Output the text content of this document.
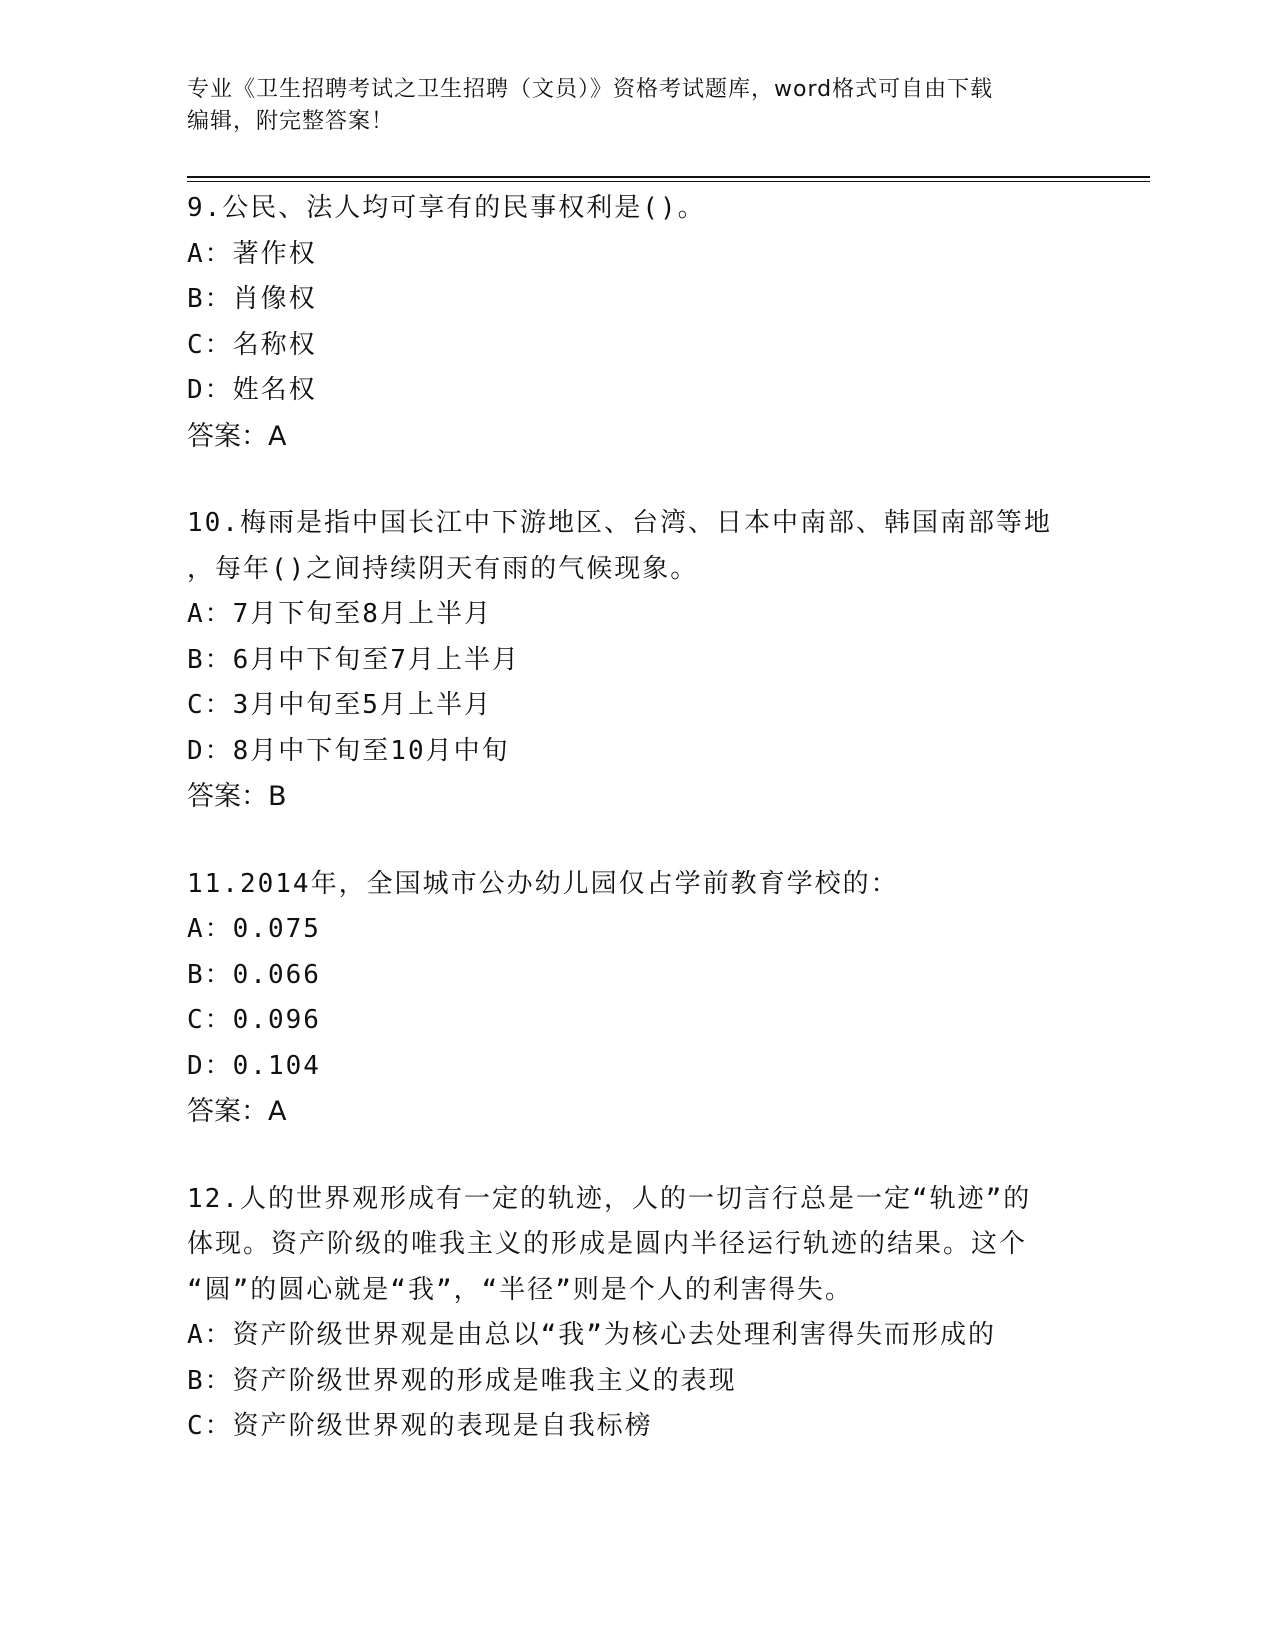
专业《卫生招聘考试之卫生招聘（文员）》资格考试题库，word格式可自由下载
编辑，附完整答案！
9.公民、法人均可享有的民事权利是()。
A：著作权
B：肖像权
C：名称权
D：姓名权
答案：A
10.梅雨是指中国长江中下游地区、台湾、日本中南部、韩国南部等地
，每年()之间持续阴天有雨的气候现象。
A：7月下旬至8月上半月
B：6月中下旬至7月上半月
C：3月中旬至5月上半月
D：8月中下旬至10月中旬
答案：B
11.2014年，全国城市公办幼儿园仅占学前教育学校的：
A：0.075
B：0.066
C：0.096
D：0.104
答案：A
12.人的世界观形成有一定的轨迹，人的一切言行总是一定“轨迹”的
体现。资产阶级的唯我主义的形成是圆内半径运行轨迹的结果。这个
“圆”的圆心就是“我”，“半径”则是个人的利害得失。
A：资产阶级世界观是由总以“我”为核心去处理利害得失而形成的
B：资产阶级世界观的形成是唯我主义的表现
C：资产阶级世界观的表现是自我标榜
